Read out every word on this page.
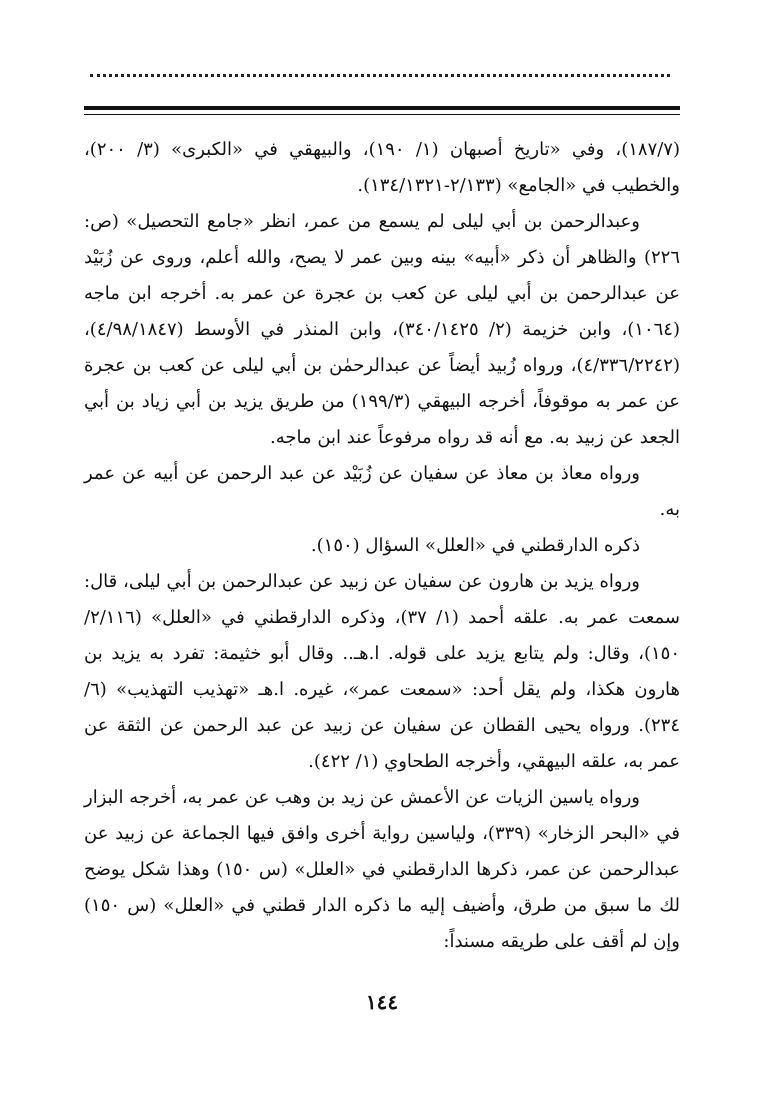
(١٨٧/٧)، وفي «تاريخ أصبهان (١/ ١٩٠)، والبيهقي في «الكبرى» (٣/ ٢٠٠)، والخطيب في «الجامع» (٢/١٣٣-١٣٤/١٣٢١).

وعبدالرحمن بن أبي ليلى لم يسمع من عمر، انظر «جامع التحصيل» (ص: ٢٢٦) والظاهر أن ذكر «أبيه» بينه وبين عمر لا يصح، والله أعلم، وروى عن زُبَيْد عن عبدالرحمن بن أبي ليلى عن كعب بن عجرة عن عمر به. أخرجه ابن ماجه (١٠٦٤)، وابن خزيمة (٢/ ٣٤٠/١٤٢٥)، وابن المنذر في الأوسط (٤/٩٨/١٨٤٧)، (٤/٣٣٦/٢٢٤٢)، ورواه زُبيد أيضاً عن عبدالرحمٰن بن أبي ليلى عن كعب بن عجرة عن عمر به موقوفاً، أخرجه البيهقي (١٩٩/٣) من طريق يزيد بن أبي زياد بن أبي الجعد عن زبيد به. مع أنه قد رواه مرفوعاً عند ابن ماجه.

ورواه معاذ بن معاذ عن سفيان عن زُبَيْد عن عبد الرحمن عن أبيه عن عمر به.

ذكره الدارقطني في «العلل» السؤال (١٥٠).

ورواه يزيد بن هارون عن سفيان عن زبيد عن عبدالرحمن بن أبي ليلى، قال: سمعت عمر به. علقه أحمد (١/ ٣٧)، وذكره الدارقطني في «العلل» (٢/١١٦/ ١٥٠)، وقال: ولم يتابع يزيد على قوله. ا.هـ.. وقال أبو خثيمة: تفرد به يزيد بن هارون هكذا، ولم يقل أحد: «سمعت عمر»، غيره. ا.هـ «تهذيب التهذيب» (٦/ ٢٣٤). ورواه يحيى القطان عن سفيان عن زبيد عن عبد الرحمن عن الثقة عن عمر به، علقه البيهقي، وأخرجه الطحاوي (١/ ٤٢٢).

ورواه ياسين الزيات عن الأعمش عن زيد بن وهب عن عمر به، أخرجه البزار في «البحر الزخار» (٣٣٩)، ولياسين رواية أخرى وافق فيها الجماعة عن زبيد عن عبدالرحمن عن عمر، ذكرها الدارقطني في «العلل» (س ١٥٠) وهذا شكل يوضح لك ما سبق من طرق، وأضيف إليه ما ذكره الدار قطني في «العلل» (س ١٥٠) وإن لم أقف على طريقه مسنداً:

١٤٤
